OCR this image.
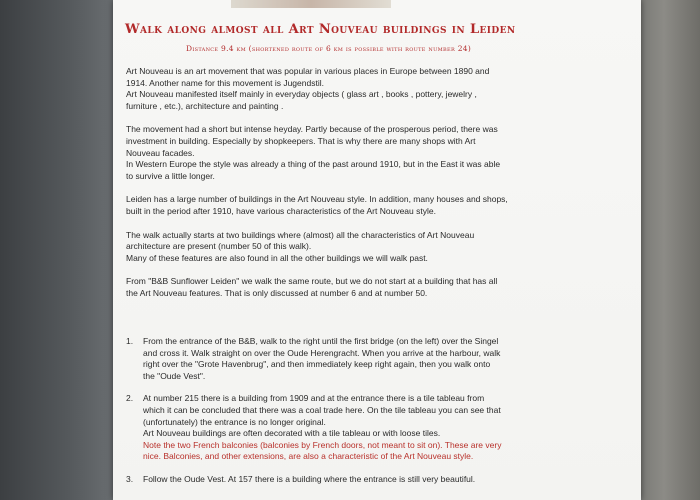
Walk along almost all Art Nouveau buildings in Leiden
Distance 9.4 km (shortened route of 6 km is possible with route number 24)

Art Nouveau is an art movement that was popular in various places in Europe between 1890 and
1914. Another name for this movement is Jugendstil.
Art Nouveau manifested itself mainly in everyday objects ( glass art , books , pottery, jewelry ,
furniture , etc.), architecture and painting .

The movement had a short but intense heyday. Partly because of the prosperous period, there was
investment in building. Especially by shopkeepers. That is why there are many shops with Art
Nouveau facades.
In Western Europe the style was already a thing of the past around 1910, but in the East it was able
to survive a little longer.

Leiden has a large number of buildings in the Art Nouveau style. In addition, many houses and shops,
built in the period after 1910, have various characteristics of the Art Nouveau style.

The walk actually starts at two buildings where (almost) all the characteristics of Art Nouveau
architecture are present (number 50 of this walk).
Many of these features are also found in all the other buildings we will walk past.

From "B&B Sunflower Leiden" we walk the same route, but we do not start at a building that has all
the Art Nouveau features. That is only discussed at number 6 and at number 50.

1. From the entrance of the B&B, walk to the right until the first bridge (on the left) over the Singel
and cross it. Walk straight on over the Oude Herengracht. When you arrive at the harbour, walk
right over the "Grote Havenbrug", and then immediately keep right again, then you walk onto
the "Oude Vest".
2. At number 215 there is a building from 1909 and at the entrance there is a tile tableau from
which it can be concluded that there was a coal trade here. On the tile tableau you can see that
(unfortunately) the entrance is no longer original.
Art Nouveau buildings are often decorated with a tile tableau or with loose tiles.
Note the two French balconies (balconies by French doors, not meant to sit on). These are very
nice. Balconies, and other extensions, are also a characteristic of the Art Nouveau style.
3. Follow the Oude Vest. At 157 there is a building where the entrance is still very beautiful.
